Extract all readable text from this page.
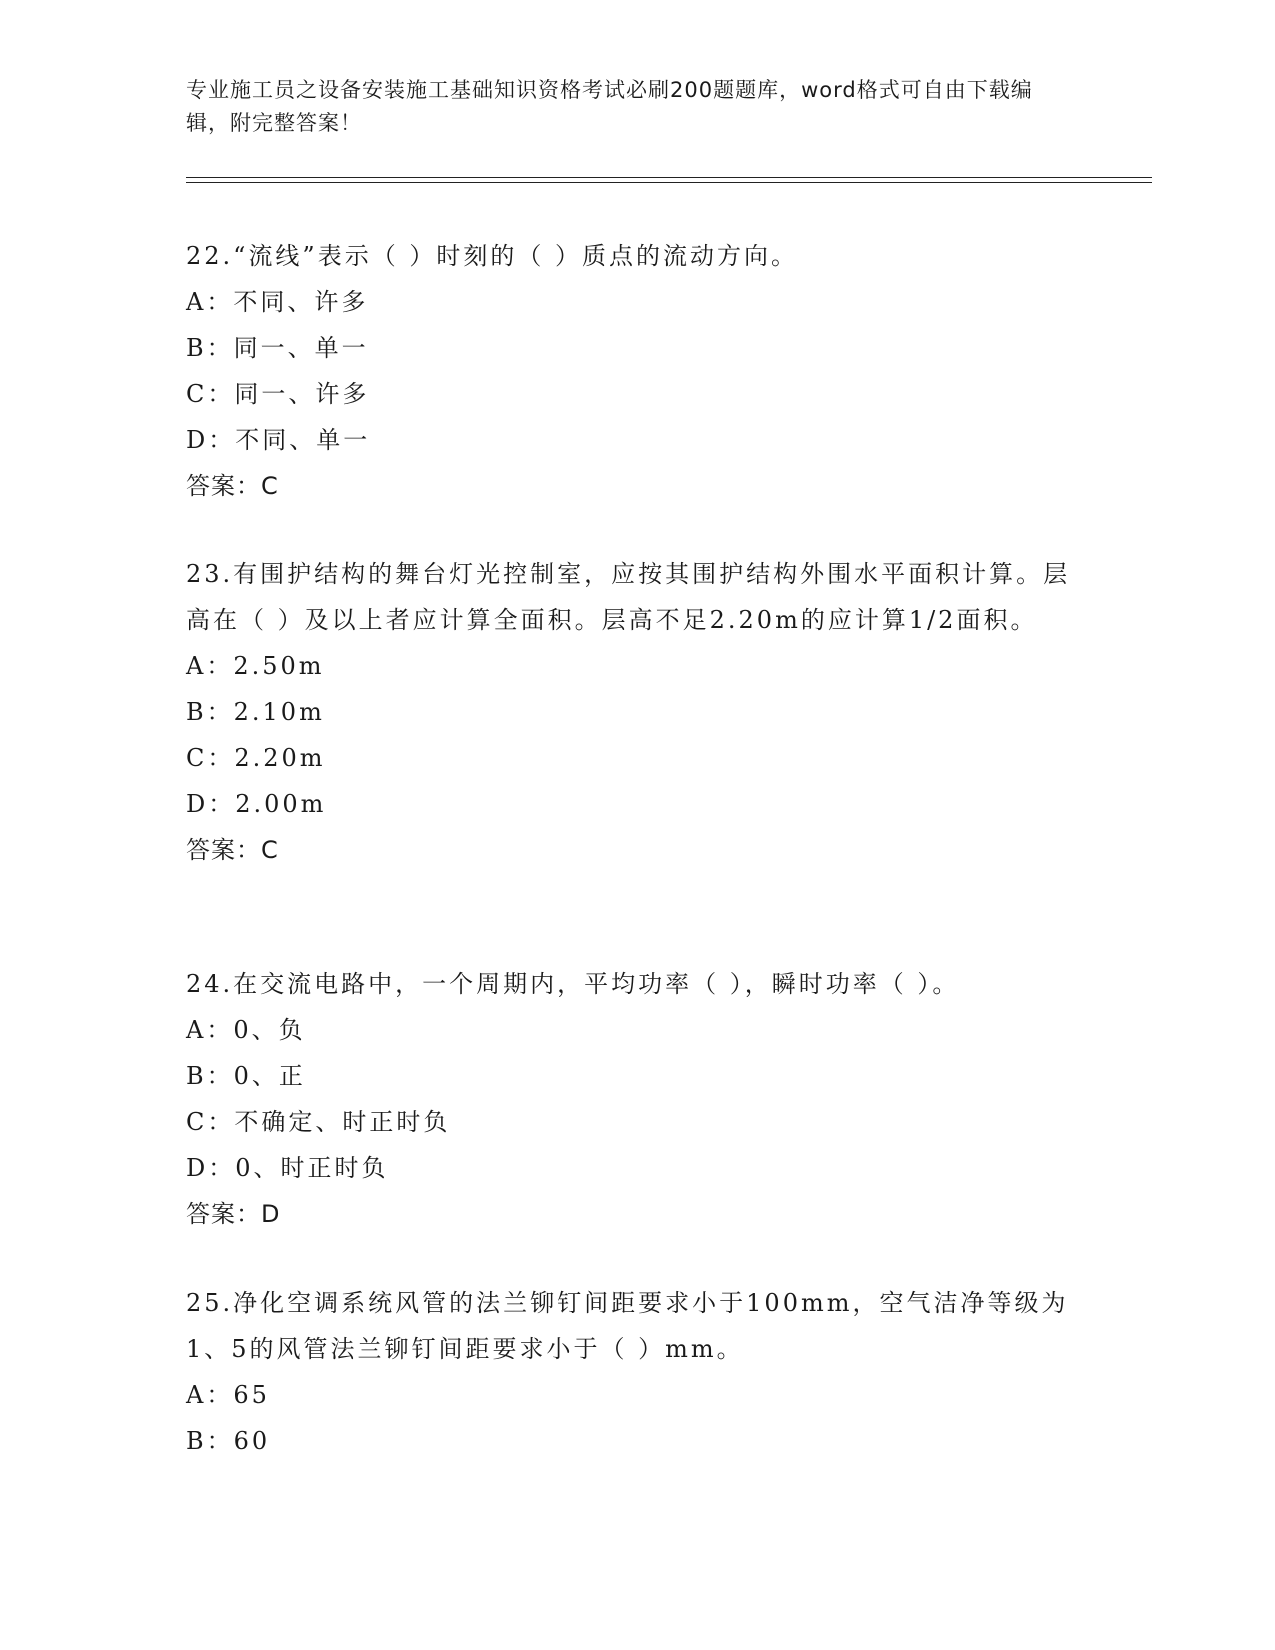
专业施工员之设备安装施工基础知识资格考试必刷200题题库，word格式可自由下载编辑，附完整答案！

22.“流线”表示（ ）时刻的（ ）质点的流动方向。

A：不同、许多

B：同一、单一

C：同一、许多

D：不同、单一

答案：C

23.有围护结构的舞台灯光控制室，应按其围护结构外围水平面积计算。层高在（ ）及以上者应计算全面积。层高不足2.20m的应计算1/2面积。

A：2.50m

B：2.10m

C：2.20m

D：2.00m

答案：C

24.在交流电路中，一个周期内，平均功率（ ），瞬时功率（ ）。

A：0、负

B：0、正

C：不确定、时正时负

D：0、时正时负

答案：D

25.净化空调系统风管的法兰铆钉间距要求小于100mm，空气洁净等级为1、5的风管法兰铆钉间距要求小于（ ）mm。

A：65

B：60
